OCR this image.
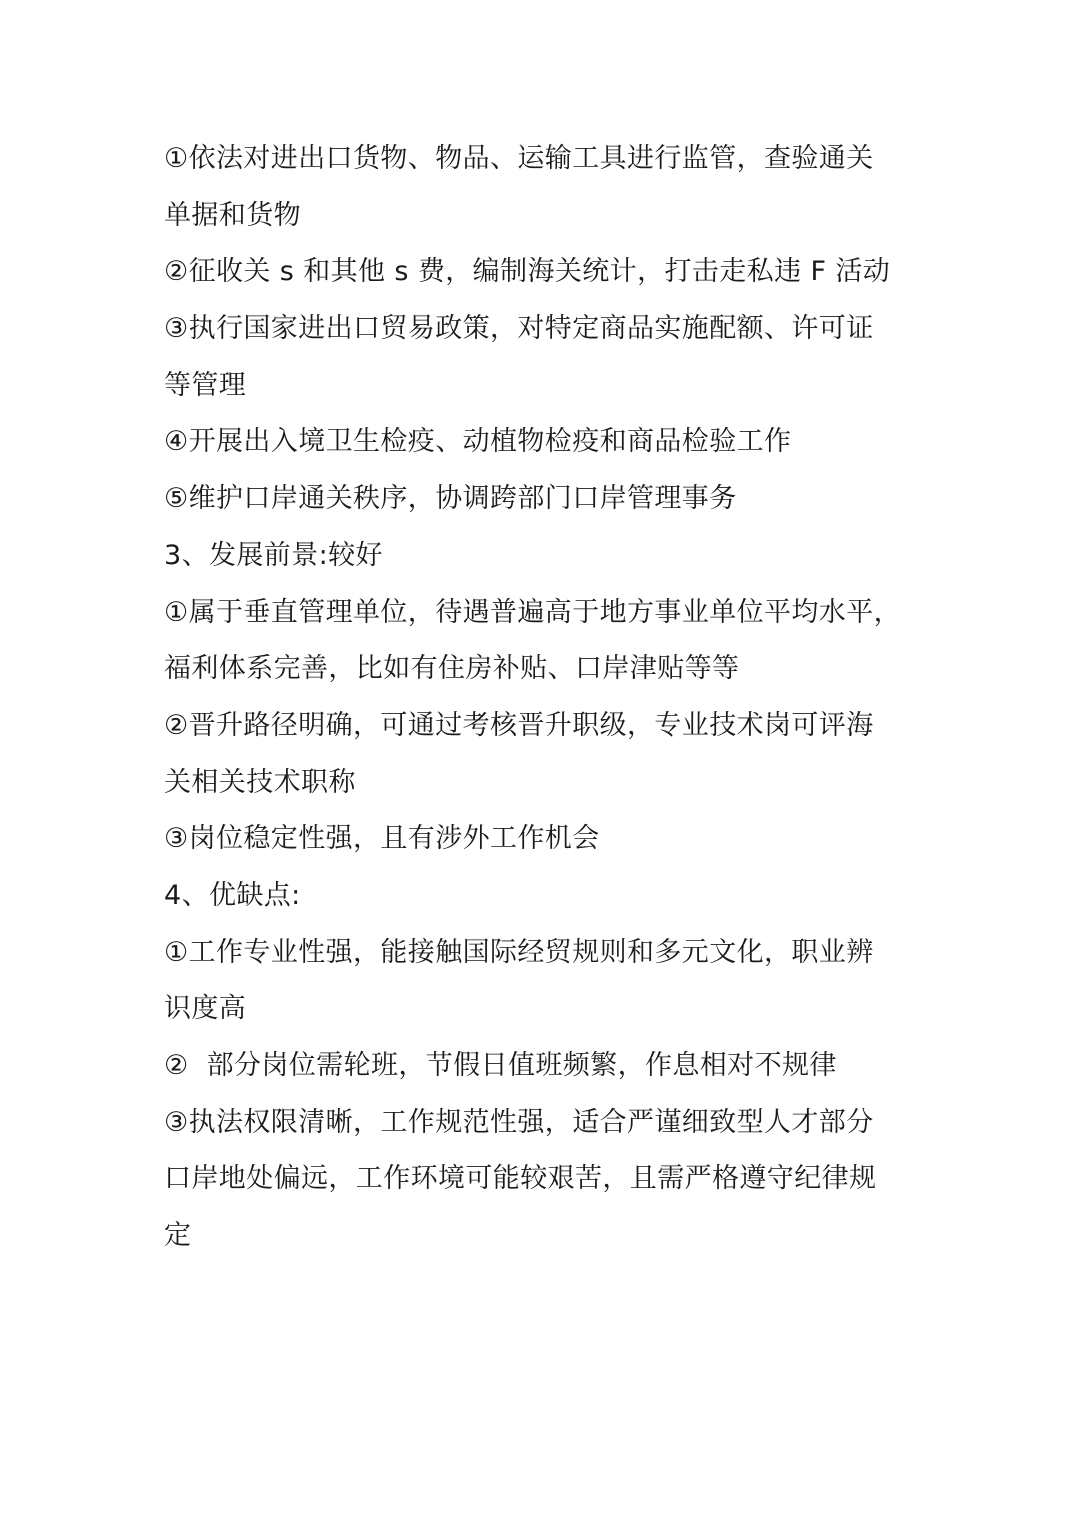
①依法对进出口货物、物品、运输工具进行监管，查验通关
单据和货物
②征收关 s 和其他 s 费，编制海关统计，打击走私违 F 活动
③执行国家进出口贸易政策，对特定商品实施配额、许可证
等管理
④开展出入境卫生检疫、动植物检疫和商品检验工作
⑤维护口岸通关秩序，协调跨部门口岸管理事务
3、发展前景:较好
①属于垂直管理单位，待遇普遍高于地方事业单位平均水平，
福利体系完善，比如有住房补贴、口岸津贴等等
②晋升路径明确，可通过考核晋升职级，专业技术岗可评海
关相关技术职称
③岗位稳定性强，且有涉外工作机会
4、优缺点:
①工作专业性强，能接触国际经贸规则和多元文化，职业辨
识度高
②  部分岗位需轮班，节假日值班频繁，作息相对不规律
③执法权限清晰，工作规范性强，适合严谨细致型人才部分
口岸地处偏远，工作环境可能较艰苦，且需严格遵守纪律规
定
